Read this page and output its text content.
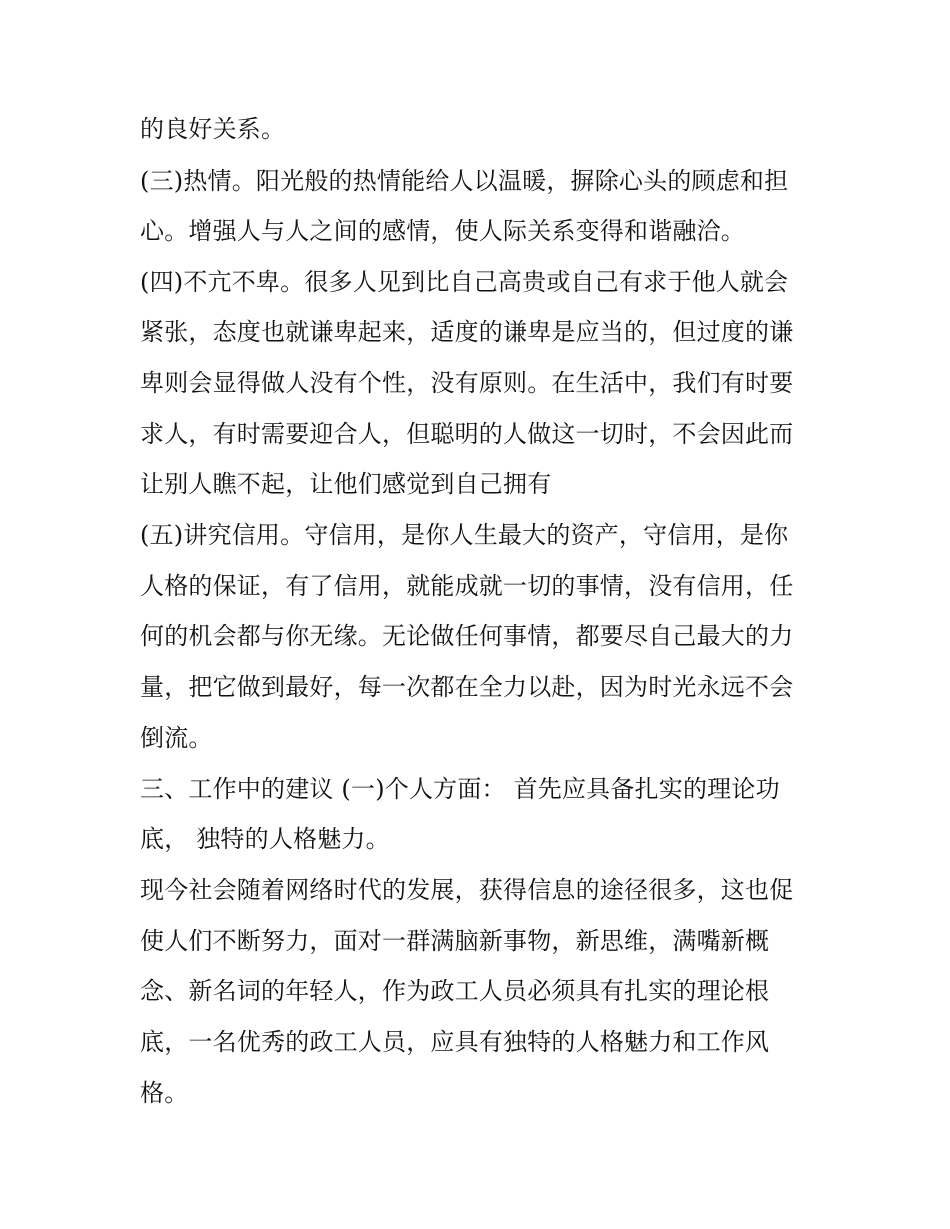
的良好关系。
(三)热情。阳光般的热情能给人以温暖，摒除心头的顾虑和担
心。增强人与人之间的感情，使人际关系变得和谐融洽。
(四)不亢不卑。很多人见到比自己高贵或自己有求于他人就会
紧张，态度也就谦卑起来，适度的谦卑是应当的，但过度的谦
卑则会显得做人没有个性，没有原则。在生活中，我们有时要
求人，有时需要迎合人，但聪明的人做这一切时，不会因此而
让别人瞧不起，让他们感觉到自己拥有
(五)讲究信用。守信用，是你人生最大的资产，守信用，是你
人格的保证，有了信用，就能成就一切的事情，没有信用，任
何的机会都与你无缘。无论做任何事情，都要尽自己最大的力
量，把它做到最好，每一次都在全力以赴，因为时光永远不会
倒流。
三、工作中的建议 (一)个人方面： 首先应具备扎实的理论功
底， 独特的人格魅力。
现今社会随着网络时代的发展，获得信息的途径很多，这也促
使人们不断努力，面对一群满脑新事物，新思维，满嘴新概
念、新名词的年轻人，作为政工人员必须具有扎实的理论根
底，一名优秀的政工人员，应具有独特的人格魅力和工作风
格。
